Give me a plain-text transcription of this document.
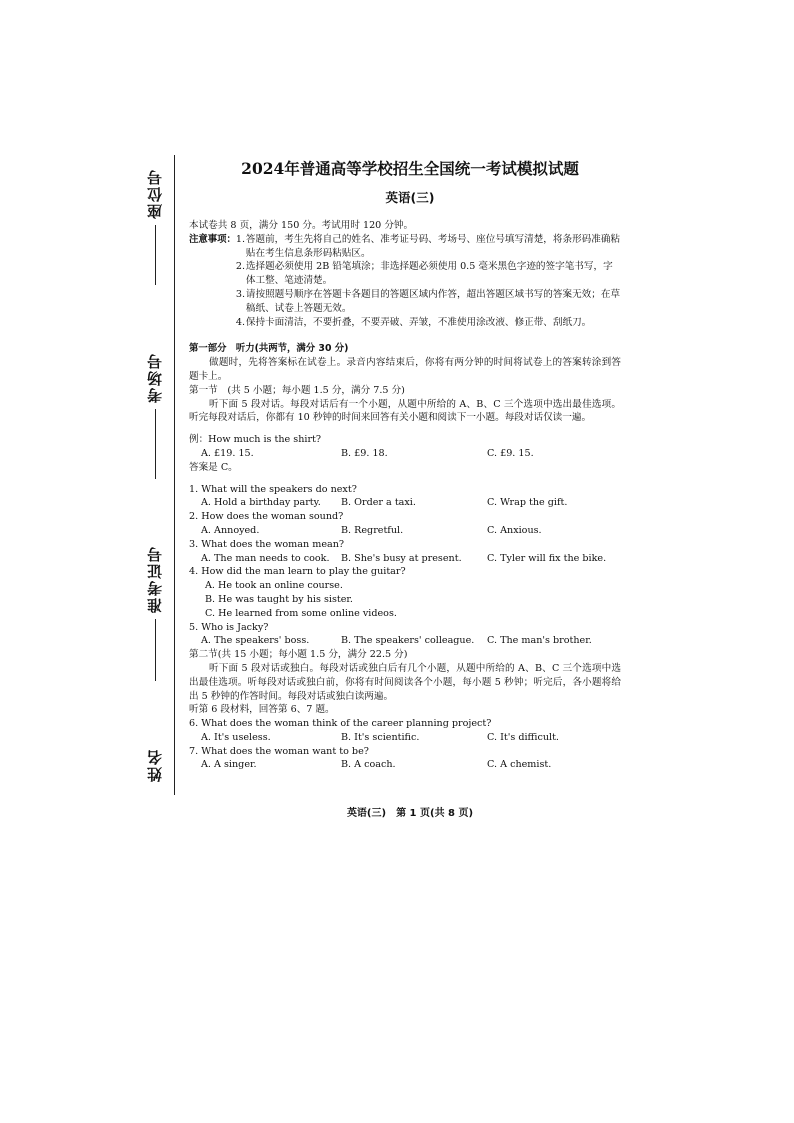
座位号
考场号
准考证号
姓名
2024年普通高等学校招生全国统一考试模拟试题
英语(三)
本试卷共 8 页，满分 150 分。考试用时 120 分钟。
注意事项： 1. 答题前，考生先将自己的姓名、准考证号码、考场号、座位号填写清楚，将条形码准确粘贴在考生信息条形码粘贴区。
2. 选择题必须使用 2B 铅笔填涂；非选择题必须使用 0.5 毫米黑色字迹的签字笔书写，字体工整、笔迹清楚。
3. 请按照题号顺序在答题卡各题目的答题区域内作答，超出答题区域书写的答案无效；在草稿纸、试卷上答题无效。
4. 保持卡面清洁，不要折叠，不要弄破、弄皱，不准使用涂改液、修正带、刮纸刀。
第一部分　听力(共两节，满分 30 分)
做题时，先将答案标在试卷上。录音内容结束后，你将有两分钟的时间将试卷上的答案转涂到答题卡上。
第一节　(共 5 小题；每小题 1.5 分，满分 7.5 分)
听下面 5 段对话。每段对话后有一个小题，从题中所给的 A、B、C 三个选项中选出最佳选项。听完每段对话后，你都有 10 秒钟的时间来回答有关小题和阅读下一小题。每段对话仅读一遍。
例：How much is the shirt?
A. £19. 15.	B. £9. 18.	C. £9. 15.
答案是 C。
1. What will the speakers do next?
A. Hold a birthday party.	B. Order a taxi.	C. Wrap the gift.
2. How does the woman sound?
A. Annoyed.	B. Regretful.	C. Anxious.
3. What does the woman mean?
A. The man needs to cook.	B. She's busy at present.	C. Tyler will fix the bike.
4. How did the man learn to play the guitar?
A. He took an online course.
B. He was taught by his sister.
C. He learned from some online videos.
5. Who is Jacky?
A. The speakers' boss.	B. The speakers' colleague.	C. The man's brother.
第二节(共 15 小题；每小题 1.5 分，满分 22.5 分)
听下面 5 段对话或独白。每段对话或独白后有几个小题，从题中所给的 A、B、C 三个选项中选出最佳选项。听每段对话或独白前，你将有时间阅读各个小题，每小题 5 秒钟；听完后，各小题将给出 5 秒钟的作答时间。每段对话或独白读两遍。
听第 6 段材料，回答第 6、7 题。
6. What does the woman think of the career planning project?
A. It's useless.	B. It's scientific.	C. It's difficult.
7. What does the woman want to be?
A. A singer.	B. A coach.	C. A chemist.
英语(三)　第 1 页(共 8 页)
